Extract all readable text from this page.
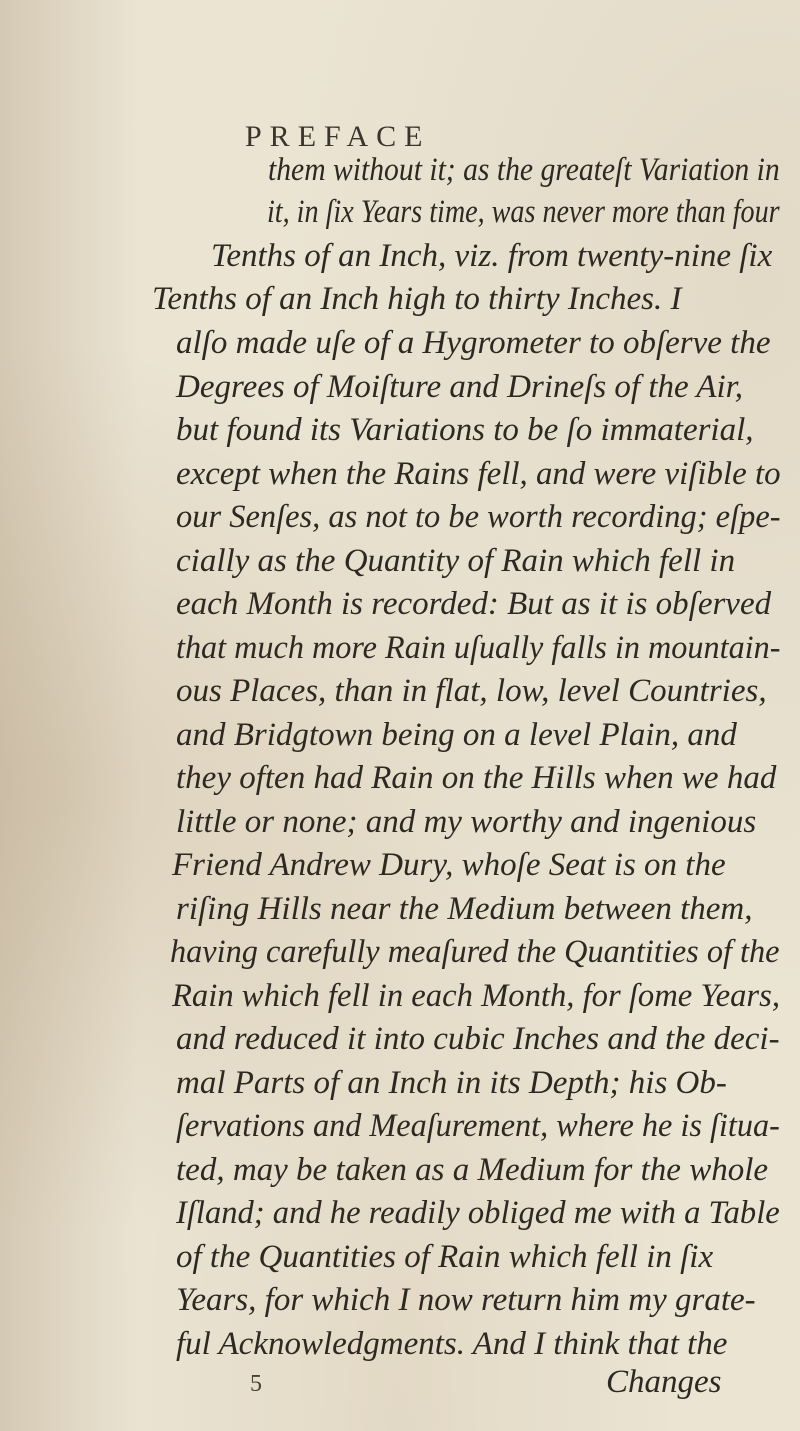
PREFACE
them without it; as the greateſt Variation in
it, in ſix Years time, was never more than four
Tenths of an Inch, viz. from twenty-nine ſix
Tenths of an Inch high to thirty Inches. I
alſo made uſe of a Hygrometer to obſerve the
Degrees of Moiſture and Drineſs of the Air,
but found its Variations to be ſo immaterial,
except when the Rains fell, and were viſible to
our Senſes, as not to be worth recording; eſpe-
cially as the Quantity of Rain which fell in
each Month is recorded: But as it is obſerved
that much more Rain uſually falls in mountain-
ous Places, than in flat, low, level Countries,
and Bridgtown being on a level Plain, and
they often had Rain on the Hills when we had
little or none; and my worthy and ingenious
Friend Andrew Dury, whoſe Seat is on the
riſing Hills near the Medium between them,
having carefully meaſured the Quantities of the
Rain which fell in each Month, for ſome Years,
and reduced it into cubic Inches and the deci-
mal Parts of an Inch in its Depth; his Ob-
ſervations and Meaſurement, where he is ſitua-
ted, may be taken as a Medium for the whole
Iſland; and he readily obliged me with a Table
of the Quantities of Rain which fell in ſix
Years, for which I now return him my grate-
ful Acknowledgments. And I think that the
5	Changes
